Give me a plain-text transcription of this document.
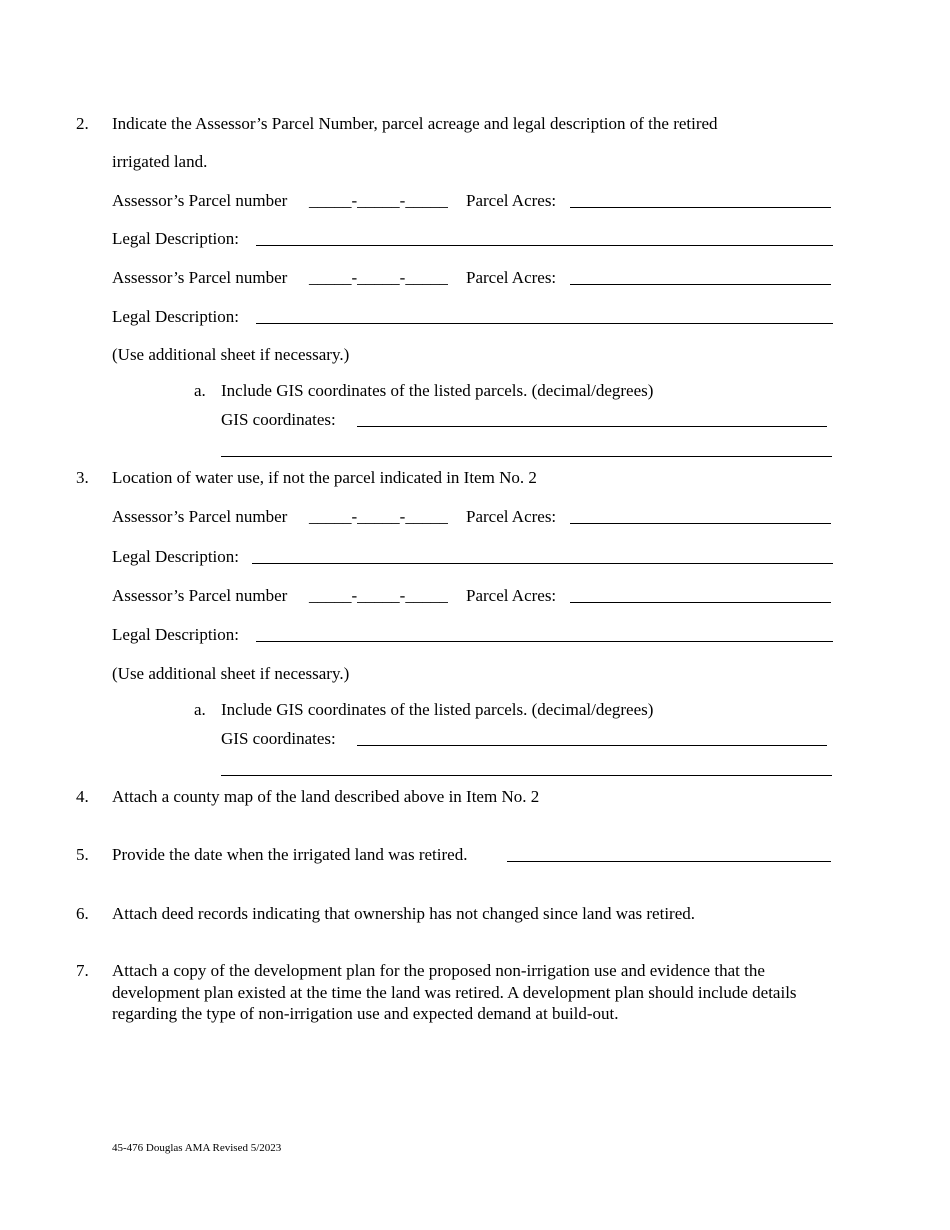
2. Indicate the Assessor’s Parcel Number, parcel acreage and legal description of the retired
irrigated land.
Assessor’s Parcel number _____-_____-_____ Parcel Acres:
Legal Description:
Assessor’s Parcel number _____-_____-_____ Parcel Acres:
Legal Description:
(Use additional sheet if necessary.)
a. Include GIS coordinates of the listed parcels. (decimal/degrees)
GIS coordinates:
3. Location of water use, if not the parcel indicated in Item No. 2
Assessor’s Parcel number _____-_____-_____ Parcel Acres:
Legal Description:
Assessor’s Parcel number _____-_____-_____ Parcel Acres:
Legal Description:
(Use additional sheet if necessary.)
a. Include GIS coordinates of the listed parcels. (decimal/degrees)
GIS coordinates:
4. Attach a county map of the land described above in Item No. 2
5. Provide the date when the irrigated land was retired.
6. Attach deed records indicating that ownership has not changed since land was retired.
7. Attach a copy of the development plan for the proposed non-irrigation use and evidence that the development plan existed at the time the land was retired. A development plan should include details regarding the type of non-irrigation use and expected demand at build-out.
45-476 Douglas AMA Revised 5/2023
